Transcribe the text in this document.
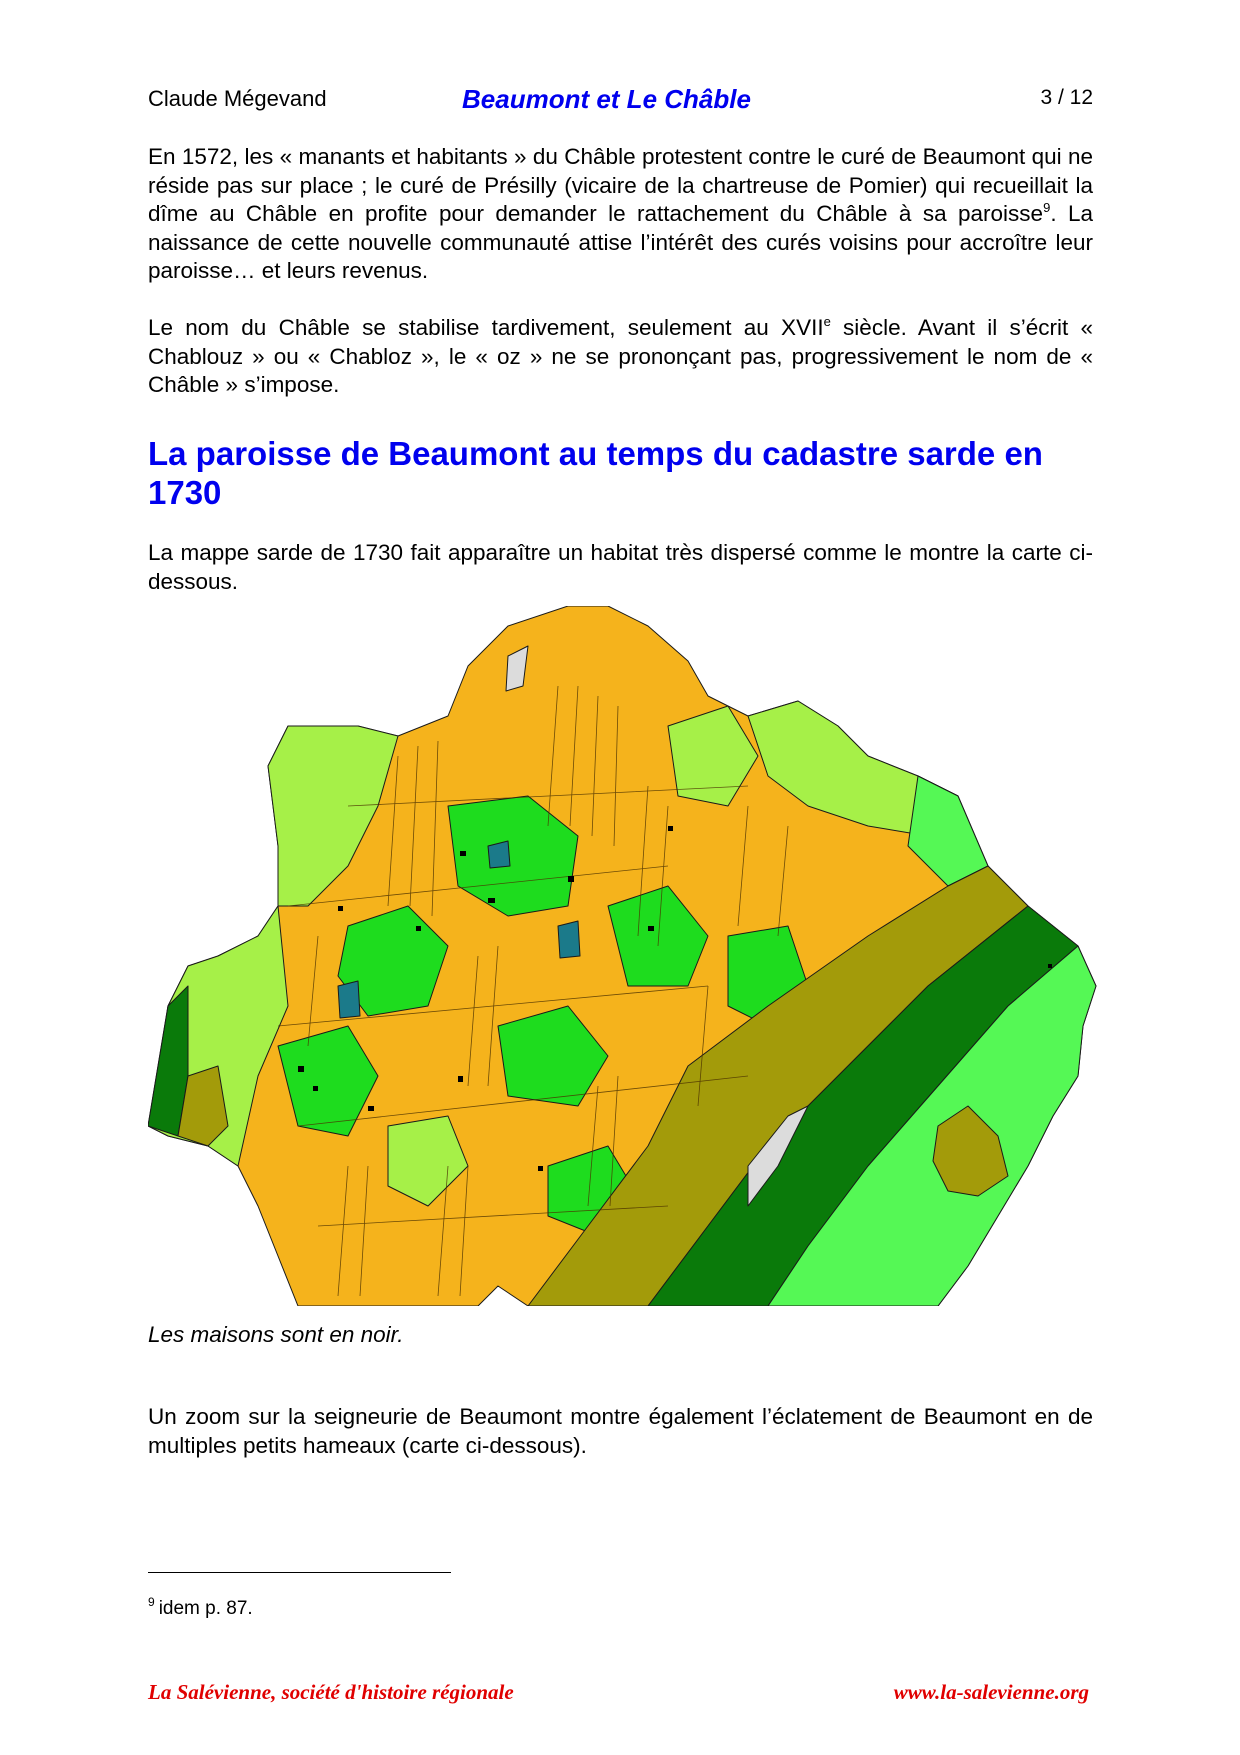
Claude Mégevand	Beaumont et Le Châble	3 / 12

En 1572, les « manants et habitants » du Châble protestent contre le curé de Beaumont qui ne réside pas sur place ; le curé de Présilly (vicaire de la chartreuse de Pomier) qui recueillait la dîme au Châble en profite pour demander le rattachement du Châble à sa paroisse$^9$. La naissance de cette nouvelle communauté attise l’intérêt des curés voisins pour accroître leur paroisse… et leurs revenus.

Le nom du Châble se stabilise tardivement, seulement au XVIIe siècle. Avant il s’écrit « Chablouz » ou « Chabloz », le « oz » ne se prononçant pas, progressivement le nom de « Châble » s’impose.

La paroisse de Beaumont au temps du cadastre sarde en 1730

La mappe sarde de 1730 fait apparaître un habitat très dispersé comme le montre la carte ci-dessous.

Les maisons sont en noir.

Un zoom sur la seigneurie de Beaumont montre également l’éclatement de Beaumont en de multiples petits hameaux (carte ci-dessous).

$^9$ idem p. 87.

La Salévienne, société d'histoire régionale	www.la-salevienne.org
